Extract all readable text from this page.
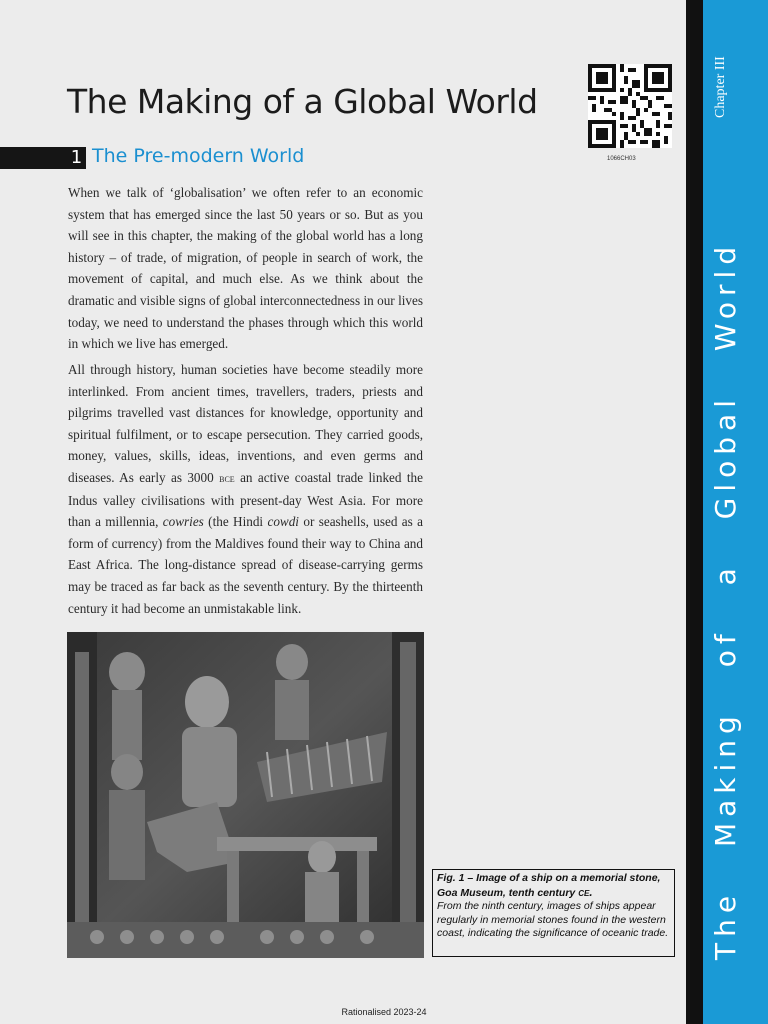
Chapter III
The Making of a Global World
The Making of a Global World
1066CH03
1 The Pre-modern World

When we talk of ‘globalisation’ we often refer to an economic system that has emerged since the last 50 years or so. But as you will see in this chapter, the making of the global world has a long history – of trade, of migration, of people in search of work, the movement of capital, and much else. As we think about the dramatic and visible signs of global interconnectedness in our lives today, we need to understand the phases through which this world in which we live has emerged.

All through history, human societies have become steadily more interlinked. From ancient times, travellers, traders, priests and pilgrims travelled vast distances for knowledge, opportunity and spiritual fulfilment, or to escape persecution. They carried goods, money, values, skills, ideas, inventions, and even germs and diseases. As early as 3000 bce an active coastal trade linked the Indus valley civilisations with present-day West Asia. For more than a millennia, cowries (the Hindi cowdi or seashells, used as a form of currency) from the Maldives found their way to China and East Africa. The long-distance spread of disease-carrying germs may be traced as far back as the seventh century. By the thirteenth century it had become an unmistakable link.

Fig. 1 – Image of a ship on a memorial stone, Goa Museum, tenth century ce.
From the ninth century, images of ships appear regularly in memorial stones found in the western coast, indicating the significance of oceanic trade.
Rationalised 2023-24
